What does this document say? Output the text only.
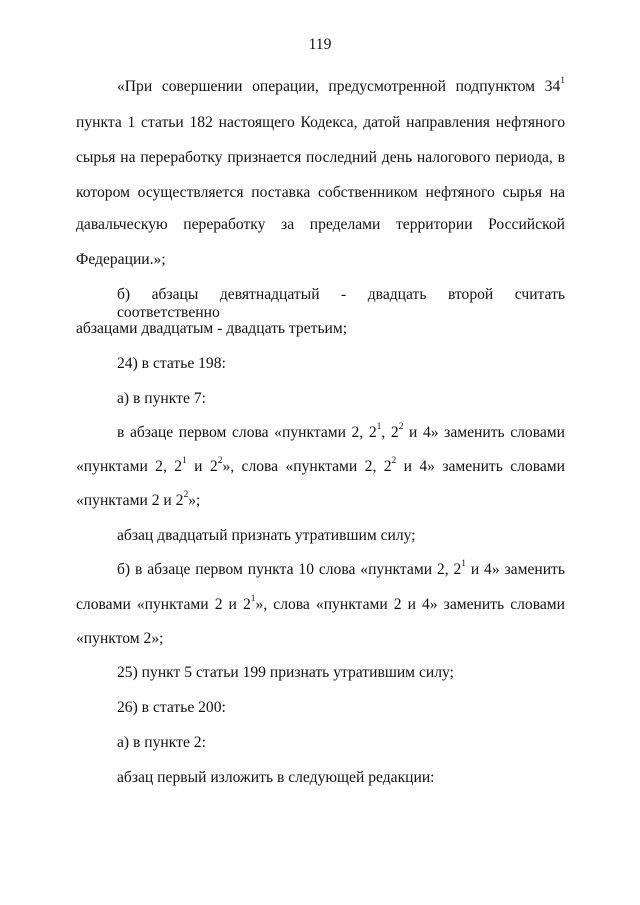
119
«При совершении операции, предусмотренной подпунктом $34^1$
пункта 1 статьи 182 настоящего Кодекса, датой направления нефтяного
сырья на переработку признается последний день налогового периода, в
котором осуществляется поставка собственником нефтяного сырья на
давальческую переработку за пределами территории Российской
Федерации.»;
б) абзацы девятнадцатый - двадцать второй считать соответственно
абзацами двадцатым - двадцать третьим;
24) в статье 198:
а) в пункте 7:
в абзаце первом слова «пунктами 2, $2^1$, $2^2$ и 4» заменить словами
«пунктами 2, $2^1$ и $2^2$», слова «пунктами 2, $2^2$ и 4» заменить словами
«пунктами 2 и $2^2$»;
абзац двадцатый признать утратившим силу;
б) в абзаце первом пункта 10 слова «пунктами 2, $2^1$ и 4» заменить
словами «пунктами 2 и $2^1$», слова «пунктами 2 и 4» заменить словами
«пунктом 2»;
25) пункт 5 статьи 199 признать утратившим силу;
26) в статье 200:
а) в пункте 2:
абзац первый изложить в следующей редакции:
